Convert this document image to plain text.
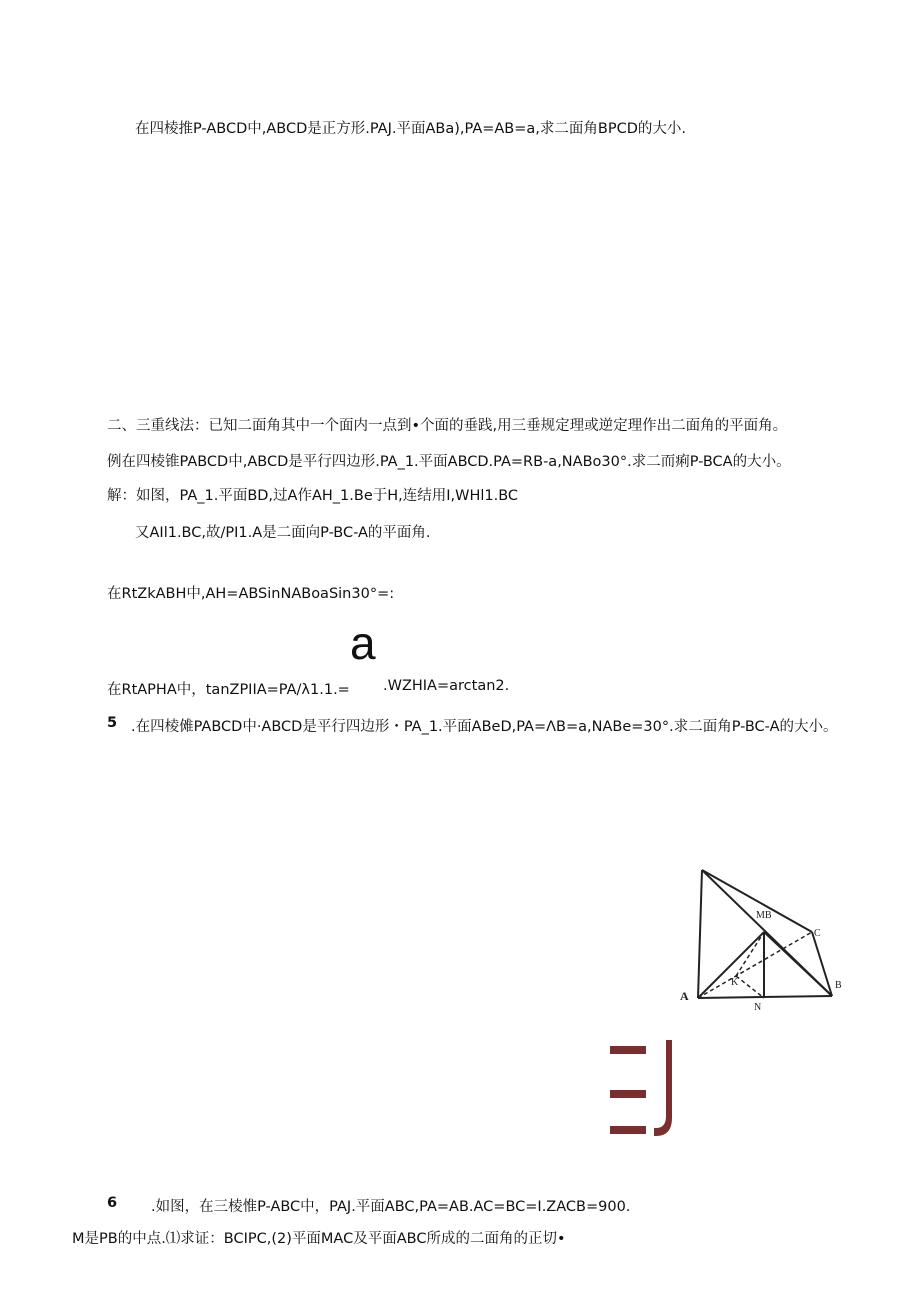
在四棱推P-ABCD中,ABCD是正方形.PAJ.平面ABa),PA=AB=a,求二面角BPCD的大小.
二、三重线法：已知二面角其中一个面内一点到•个面的垂践,用三垂规定理或逆定理作出二面角的平面角。
例在四棱锥PABCD中,ABCD是平行四边形.PA_1.平面ABCD.PA=RB-a,NABo30°.求二而痢P-BCA的大小。
解：如图，PA_1.平面BD,过A作AH_1.Be于H,连结用I,WHl1.BC
又AIl1.BC,故/PI1.A是二面向P-BC-A的平面角.
在RtZkABH中,AH=ABSinNABoaSin30°=:
a
在RtAPHA中，tanZPIIA=PA/λ1.1.= .WZHIA=arctan2.
5 .在四棱傩PABCD中·ABCD是平行四边形・PA_1.平面ABeD,PA=ΛB=a,NABe=30°.求二面角P-BC-A的大小。
A
B
C
MB
N
K
6 .如图，在三棱惟P-ABC中，PAJ.平面ABC,PA=AB.AC=BC=I.ZACB=900.
M是PB的中点.⑴求证：BCIPC,(2)平面MAC及平面ABC所成的二面角的正切•
